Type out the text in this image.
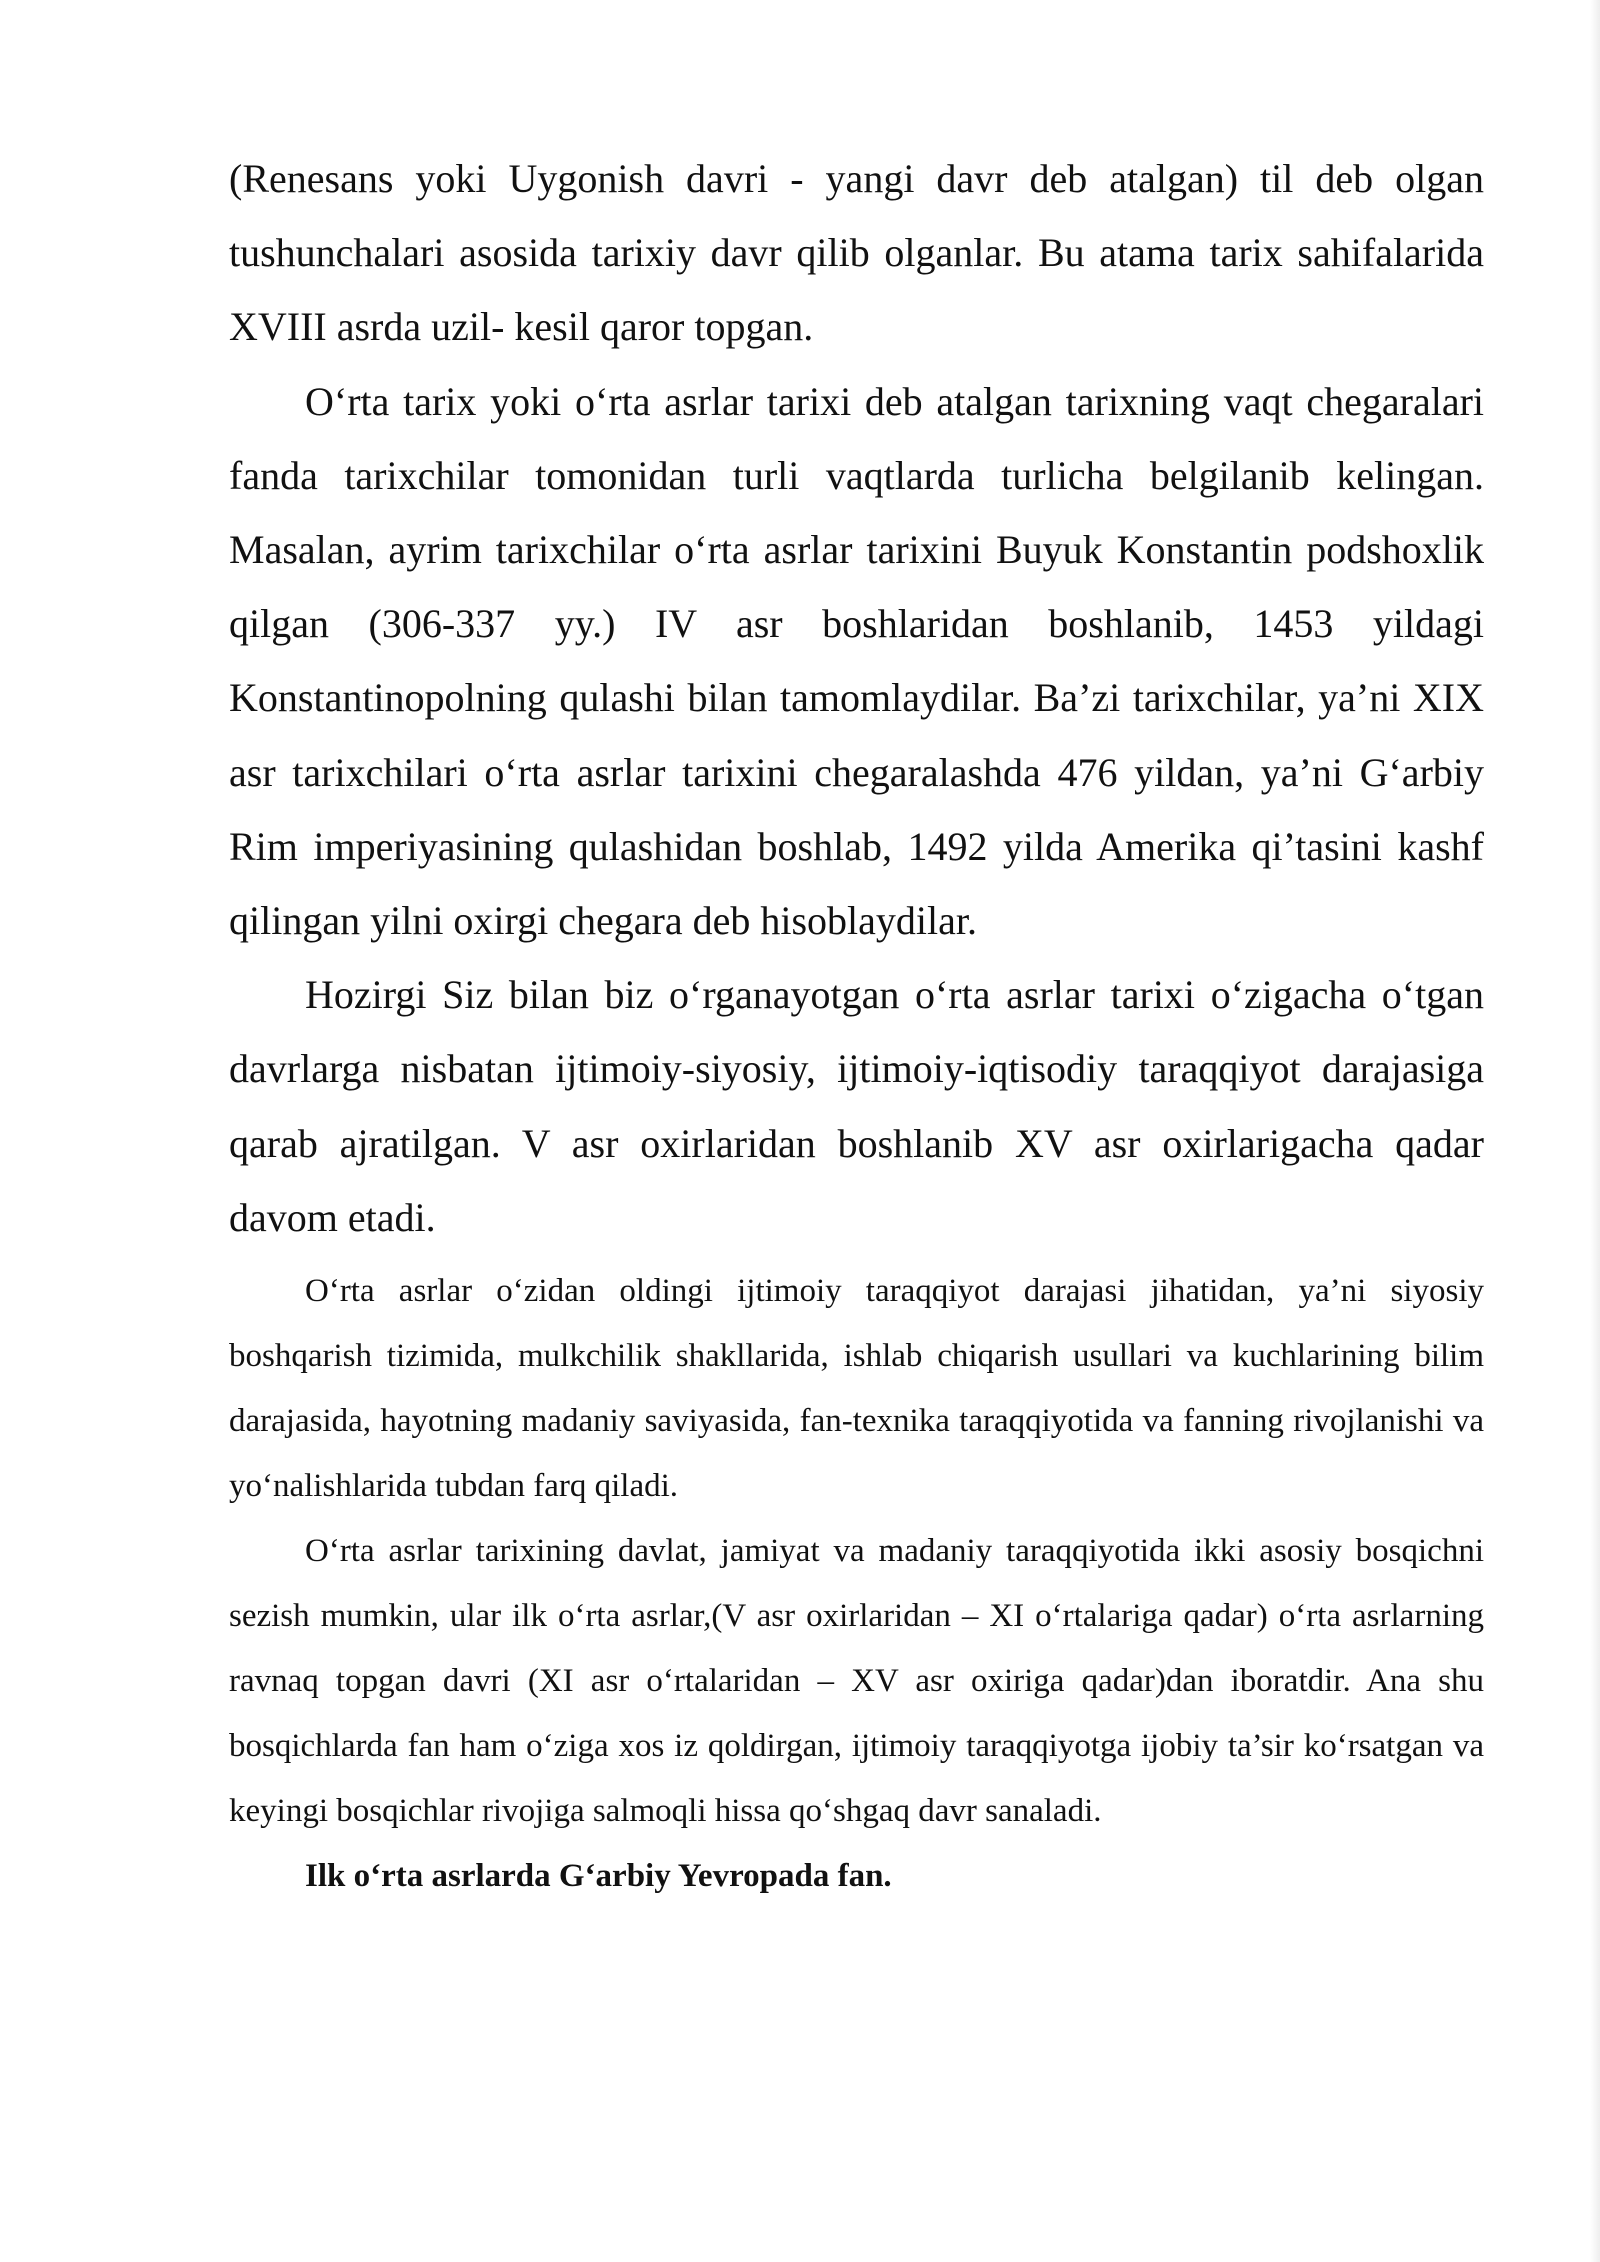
(Renesans yoki Uygonish davri - yangi davr deb atalgan) til deb olgan tushunchalari asosida tarixiy davr qilib olganlar. Bu atama tarix sahifalarida XVIII asrda uzil- kesil qaror topgan.

O‘rta tarix yoki o‘rta asrlar tarixi deb atalgan tarixning vaqt chegaralari fanda tarixchilar tomonidan turli vaqtlarda turlicha belgilanib kelingan. Masalan, ayrim tarixchilar o‘rta asrlar tarixini Buyuk Konstantin podshoxlik qilgan (306-337 yy.) IV asr boshlaridan boshlanib, 1453 yildagi Konstantinopolning qulashi bilan tamomlaydilar. Ba’zi tarixchilar, ya’ni XIX asr tarixchilari o‘rta asrlar tarixini chegaralashda 476 yildan, ya’ni G‘arbiy Rim imperiyasining qulashidan boshlab, 1492 yilda Amerika qi’tasini kashf qilingan yilni oxirgi chegara deb hisoblaydilar.

Hozirgi Siz bilan biz o‘rganayotgan o‘rta asrlar tarixi o‘zigacha o‘tgan davrlarga nisbatan ijtimoiy-siyosiy, ijtimoiy-iqtisodiy taraqqiyot darajasiga qarab ajratilgan. V asr oxirlaridan boshlanib XV asr oxirlarigacha qadar davom etadi.

O‘rta asrlar o‘zidan oldingi ijtimoiy taraqqiyot darajasi jihatidan, ya’ni siyosiy boshqarish tizimida, mulkchilik shakllarida, ishlab chiqarish usullari va kuchlarining bilim darajasida, hayotning madaniy saviyasida, fan-texnika taraqqiyotida va fanning rivojlanishi va yo‘nalishlarida tubdan farq qiladi.

O‘rta asrlar tarixining davlat, jamiyat va madaniy taraqqiyotida ikki asosiy bosqichni sezish mumkin, ular ilk o‘rta asrlar,(V asr oxirlaridan – XI o‘rtalariga qadar) o‘rta asrlarning ravnaq topgan davri (XI asr o‘rtalaridan – XV asr oxiriga qadar)dan iboratdir. Ana shu bosqichlarda fan ham o‘ziga xos iz qoldirgan, ijtimoiy taraqqiyotga ijobiy ta’sir ko‘rsatgan va keyingi bosqichlar rivojiga salmoqli hissa qo‘shgaq davr sanaladi.

Ilk o‘rta asrlarda G‘arbiy Yevropada fan.
